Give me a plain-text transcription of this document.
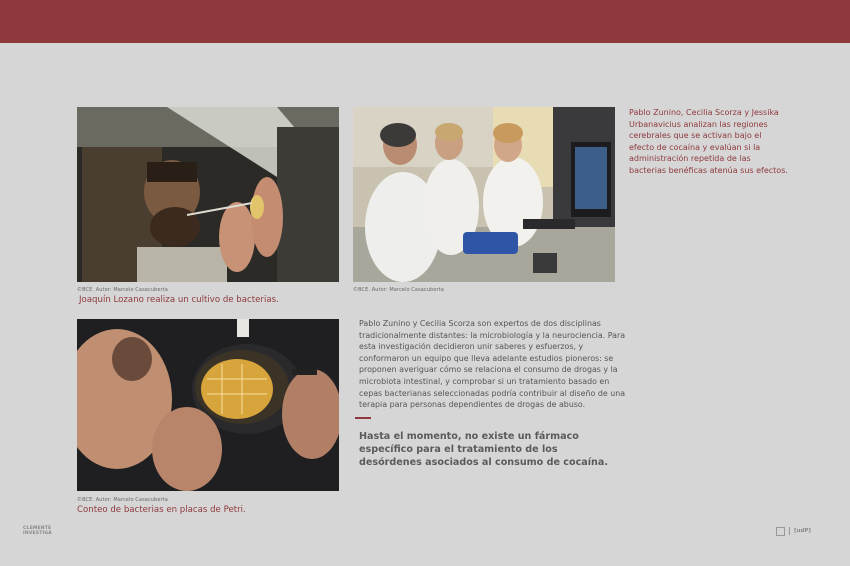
©BCE. Autor: Marcelo Casacuberta
Joaquín Lozano realiza un cultivo de bacterias.
©BCE. Autor: Marcelo Casacuberta
©BCE. Autor: Marcelo Casacuberta
Conteo de bacterias en placas de Petri.
Pablo Zunino, Cecilia Scorza y Jessika Urbanavicius analizan las regiones cerebrales que se activan bajo el efecto de cocaína y evalúan si la administración repetida de las bacterias benéficas atenúa sus efectos.
Pablo Zunino y Cecilia Scorza son expertos de dos disciplinas tradicionalmente distantes: la microbiología y la neurociencia. Para esta investigación decidieron unir saberes y esfuerzos, y conformaron un equipo que lleva adelante estudios pioneros: se proponen averiguar cómo se relaciona el consumo de drogas y la microbiota intestinal, y comprobar si un tratamiento basado en cepas bacterianas seleccionadas podría contribuir al diseño de una terapia para personas dependientes de drogas de abuso.
Hasta el momento, no existe un fármaco específico para el tratamiento de los desórdenes asociados al consumo de cocaína.
CLEMENTE
INVESTIGA	[udP]
